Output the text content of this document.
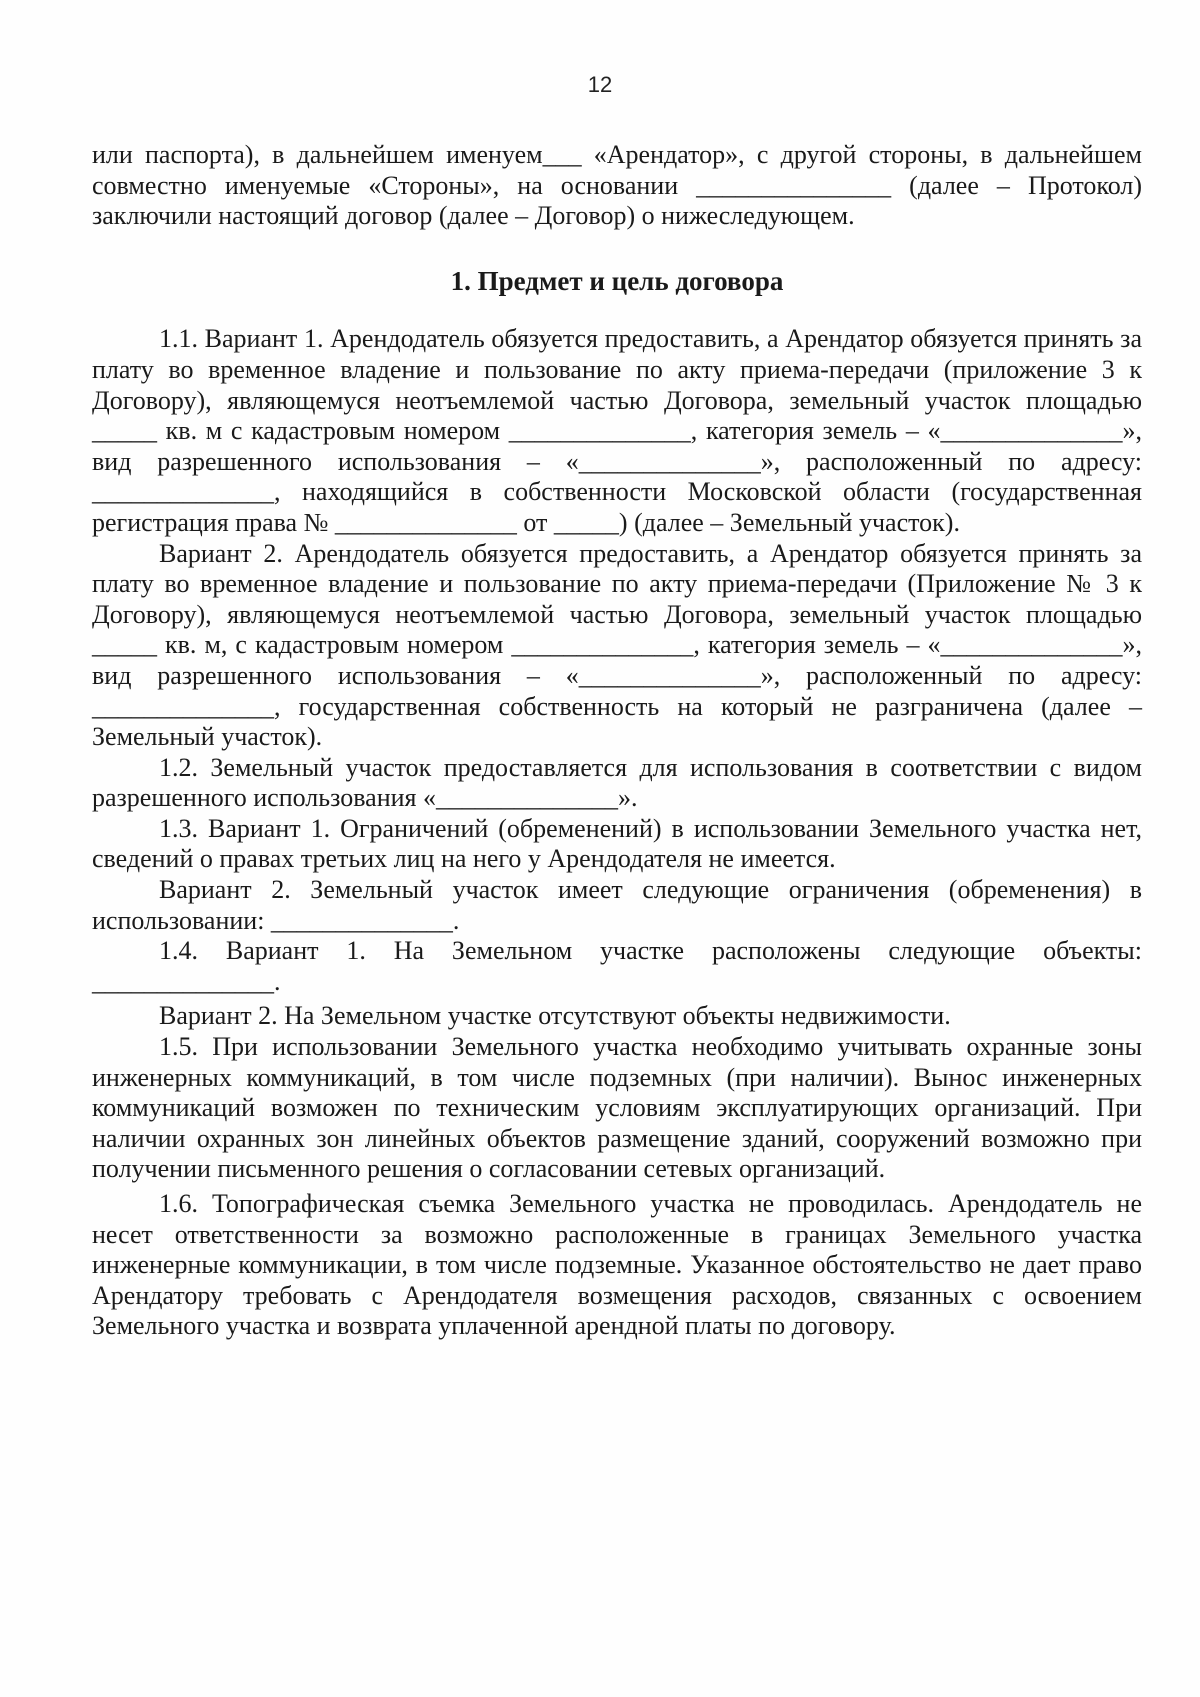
12

или паспорта), в дальнейшем именуем___ «Арендатор», с другой стороны, в дальнейшем совместно именуемые «Стороны», на основании _______________ (далее – Протокол) заключили настоящий договор (далее – Договор) о нижеследующем.

1. Предмет и цель договора

1.1. Вариант 1. Арендодатель обязуется предоставить, а Арендатор обязуется принять за плату во временное владение и пользование по акту приема-передачи (приложение 3 к Договору), являющемуся неотъемлемой частью Договора, земельный участок площадью _____ кв. м с кадастровым номером ______________, категория земель – «______________», вид разрешенного использования – «______________», расположенный по адресу: ______________, находящийся в собственности Московской области (государственная регистрация права № ______________ от _____) (далее – Земельный участок).

Вариант 2. Арендодатель обязуется предоставить, а Арендатор обязуется принять за плату во временное владение и пользование по акту приема-передачи (Приложение № 3 к Договору), являющемуся неотъемлемой частью Договора, земельный участок площадью _____ кв. м, с кадастровым номером ______________, категория земель – «______________», вид разрешенного использования – «______________», расположенный по адресу: ______________, государственная собственность на который не разграничена (далее – Земельный участок).

1.2. Земельный участок предоставляется для использования в соответствии с видом разрешенного использования «______________».

1.3. Вариант 1. Ограничений (обременений) в использовании Земельного участка нет, сведений о правах третьих лиц на него у Арендодателя не имеется.

Вариант 2. Земельный участок имеет следующие ограничения (обременения) в использовании: ______________.

1.4. Вариант 1. На Земельном участке расположены следующие объекты: ______________.

Вариант 2. На Земельном участке отсутствуют объекты недвижимости.

1.5. При использовании Земельного участка необходимо учитывать охранные зоны инженерных коммуникаций, в том числе подземных (при наличии). Вынос инженерных коммуникаций возможен по техническим условиям эксплуатирующих организаций. При наличии охранных зон линейных объектов размещение зданий, сооружений возможно при получении письменного решения о согласовании сетевых организаций.

1.6. Топографическая съемка Земельного участка не проводилась. Арендодатель не несет ответственности за возможно расположенные в границах Земельного участка инженерные коммуникации, в том числе подземные. Указанное обстоятельство не дает право Арендатору требовать с Арендодателя возмещения расходов, связанных с освоением Земельного участка и возврата уплаченной арендной платы по договору.
